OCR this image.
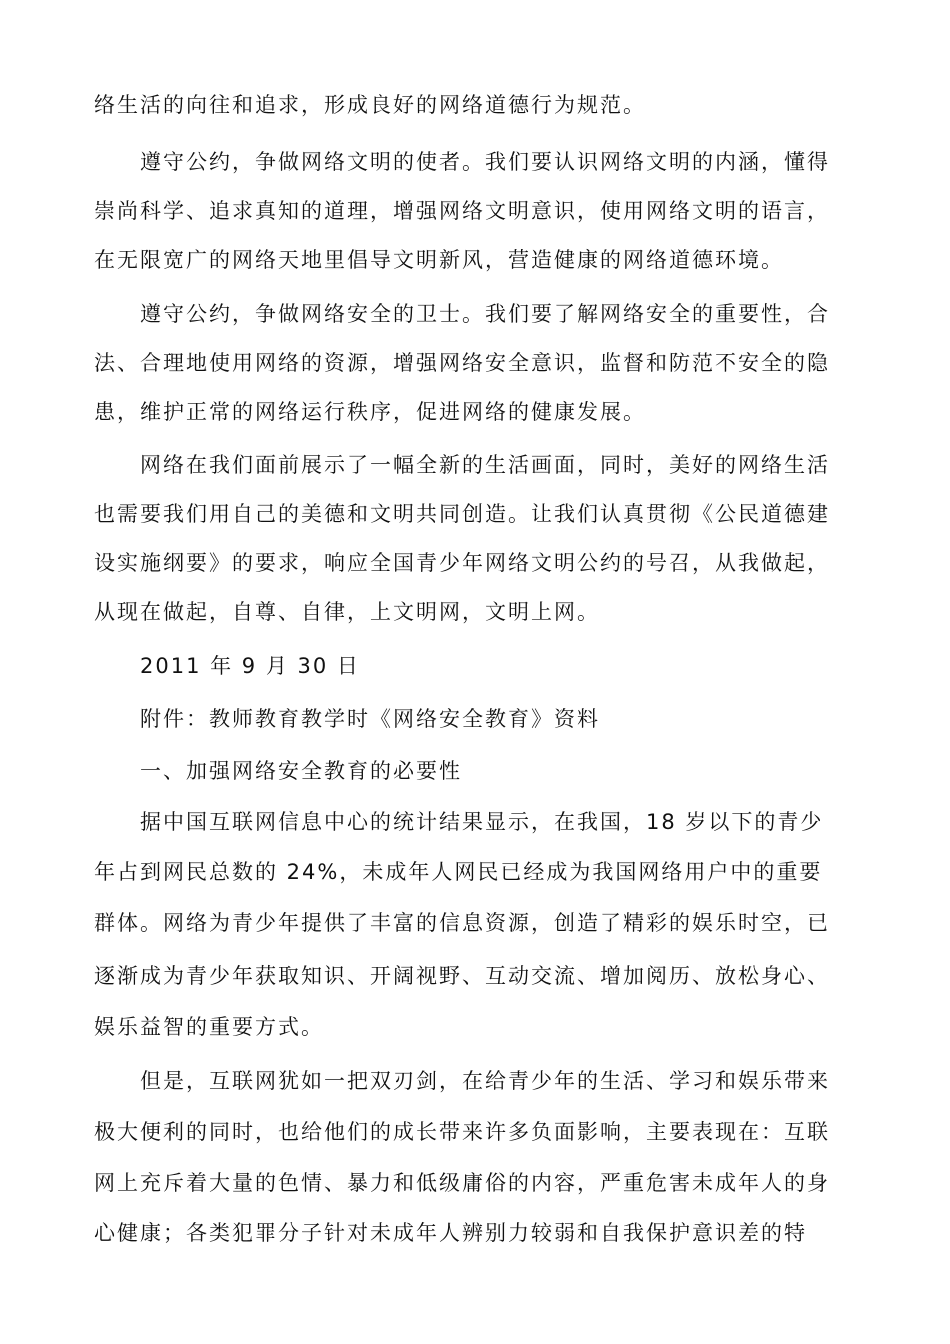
络生活的向往和追求，形成良好的网络道德行为规范。
遵守公约，争做网络文明的使者。我们要认识网络文明的内涵，懂得
崇尚科学、追求真知的道理，增强网络文明意识，使用网络文明的语言，
在无限宽广的网络天地里倡导文明新风，营造健康的网络道德环境。
遵守公约，争做网络安全的卫士。我们要了解网络安全的重要性，合
法、合理地使用网络的资源，增强网络安全意识，监督和防范不安全的隐
患，维护正常的网络运行秩序，促进网络的健康发展。
网络在我们面前展示了一幅全新的生活画面，同时，美好的网络生活
也需要我们用自己的美德和文明共同创造。让我们认真贯彻《公民道德建
设实施纲要》的要求，响应全国青少年网络文明公约的号召，从我做起，
从现在做起，自尊、自律，上文明网，文明上网。
2011 年 9 月 30 日
附件：教师教育教学时《网络安全教育》资料
一、加强网络安全教育的必要性
据中国互联网信息中心的统计结果显示，在我国，18 岁以下的青少
年占到网民总数的 24%，未成年人网民已经成为我国网络用户中的重要
群体。网络为青少年提供了丰富的信息资源，创造了精彩的娱乐时空，已
逐渐成为青少年获取知识、开阔视野、互动交流、增加阅历、放松身心、
娱乐益智的重要方式。
但是，互联网犹如一把双刃剑，在给青少年的生活、学习和娱乐带来
极大便利的同时，也给他们的成长带来许多负面影响，主要表现在：互联
网上充斥着大量的色情、暴力和低级庸俗的内容，严重危害未成年人的身
心健康；各类犯罪分子针对未成年人辨别力较弱和自我保护意识差的特
